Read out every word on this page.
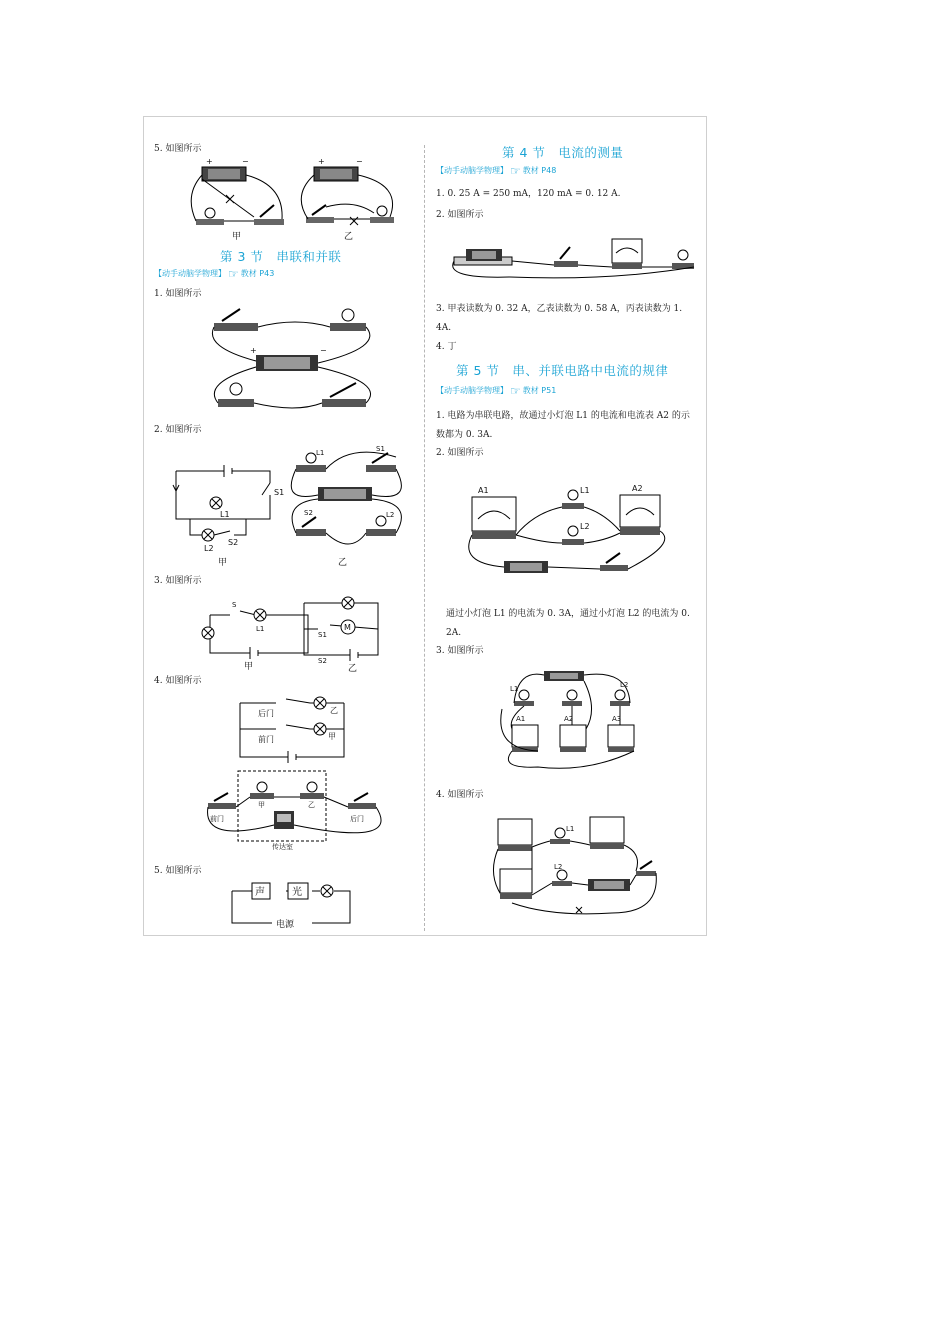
5. 如图所示
+	−
甲
+	−
乙
第 3 节　串联和并联
【动手动脑学物理】 ☞ 教材 P43
1. 如图所示
+	−
2. 如图所示
S1
L1
L2
S2
甲
L1	S1
S2	L2
乙
3. 如图所示
S
L1
甲
M
S1
S2
乙
4. 如图所示
后门
前门
乙
甲
前门	后门
甲	乙
传达室
5. 如图所示
声	光
电源
第 4 节　电流的测量
【动手动脑学物理】 ☞ 教材 P48
1. 0. 25 A = 250 mA，120 mA = 0. 12 A.
2. 如图所示
3. 甲表读数为 0. 32 A，乙表读数为 0. 58 A，丙表读数为 1. 4A.
4. 丁
第 5 节　串、并联电路中电流的规律
【动手动脑学物理】 ☞ 教材 P51
1. 电路为串联电路，故通过小灯泡 L1 的电流和电流表 A2 的示数都为 0. 3A.
2. 如图所示
A1	A2
L1
L2
通过小灯泡 L1 的电流为 0. 3A，通过小灯泡 L2 的电流为 0. 2A.
3. 如图所示
L1	L2
A1	A2	A3
4. 如图所示
L1
L2
